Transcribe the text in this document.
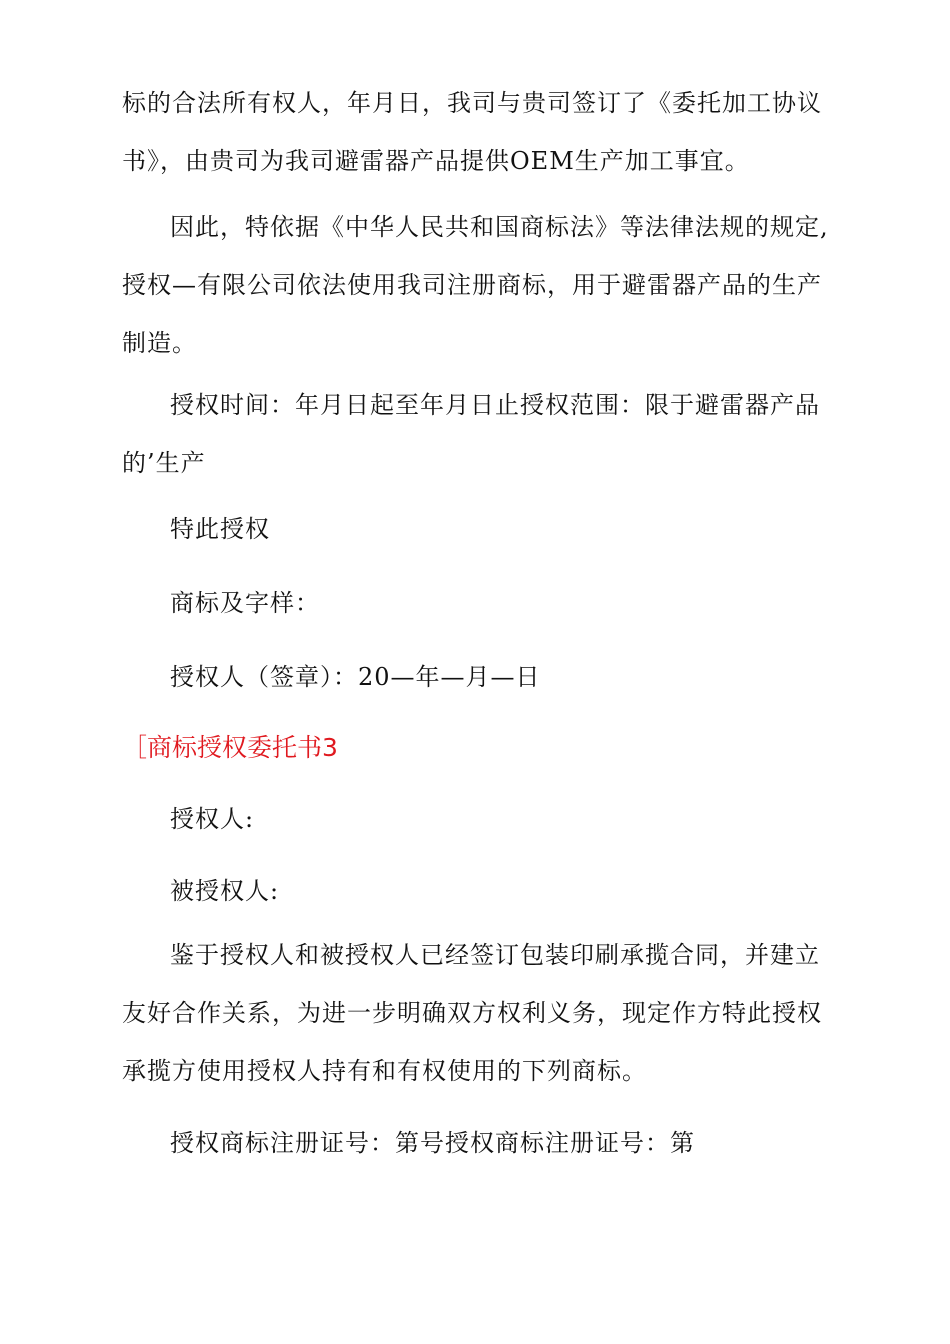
标的合法所有权人，年月日，我司与贵司签订了《委托加工协议
书》，由贵司为我司避雷器产品提供OEM生产加工事宜。
因此，特依据《中华人民共和国商标法》等法律法规的规定,
授权—有限公司依法使用我司注册商标，用于避雷器产品的生产
制造。
授权时间：年月日起至年月日止授权范围：限于避雷器产品
的’生产
特此授权
商标及字样：
授权人（签章）：20—年—月—日
［商标授权委托书3
授权人:
被授权人:
鉴于授权人和被授权人已经签订包装印刷承揽合同，并建立
友好合作关系，为进一步明确双方权利义务，现定作方特此授权
承揽方使用授权人持有和有权使用的下列商标。
授权商标注册证号：第号授权商标注册证号：第
